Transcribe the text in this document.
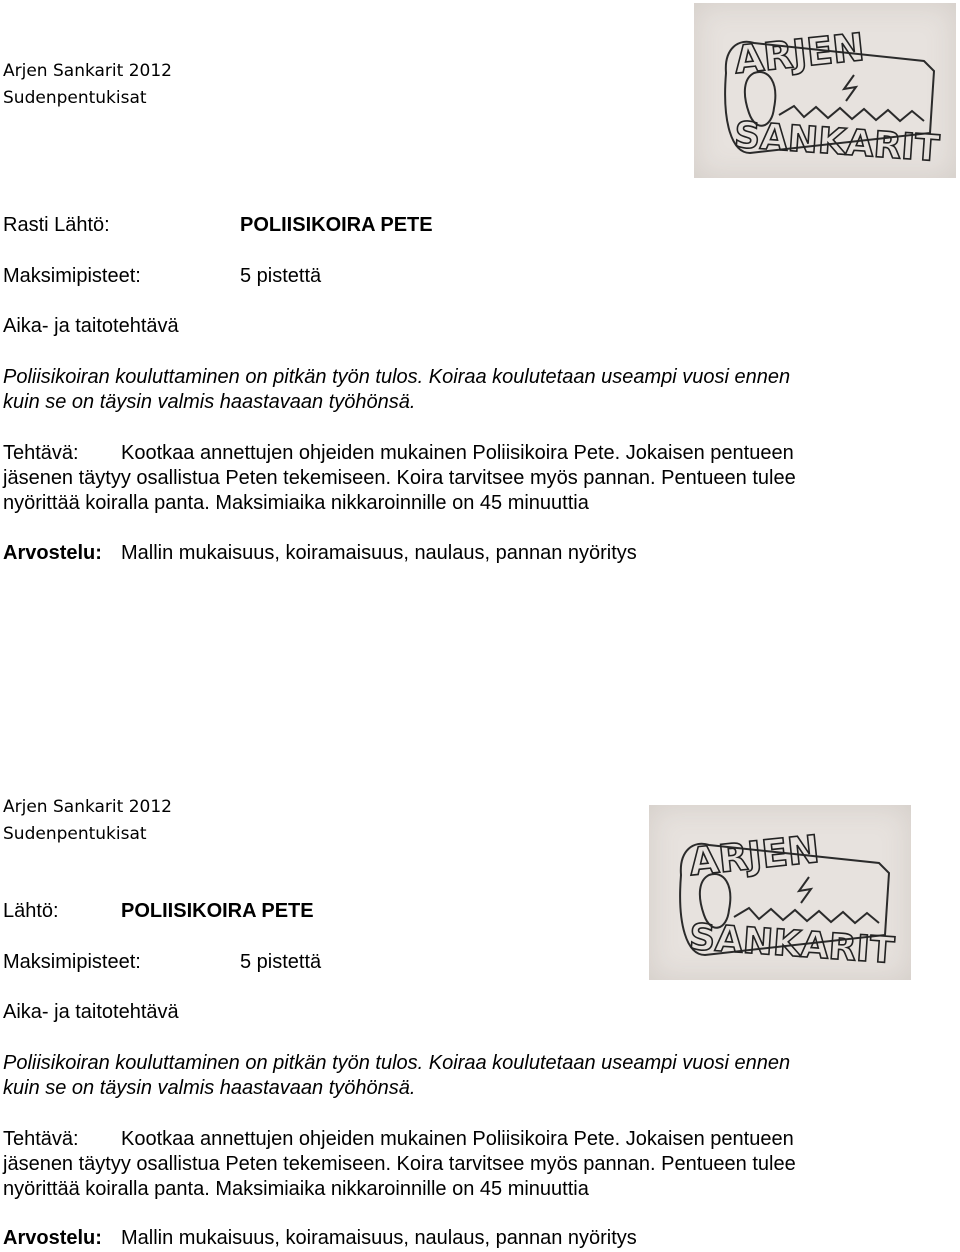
Arjen Sankarit 2012
Sudenpentukisat
ARJEN
SANKARIT
Rasti Lähtö:	POLIISIKOIRA PETE
Maksimipisteet:	5 pistettä
Aika- ja taitotehtävä
Poliisikoiran kouluttaminen on pitkän työn tulos. Koiraa koulutetaan useampi vuosi ennen
kuin se on täysin valmis haastavaan työhönsä.
Tehtävä: Kootkaa annettujen ohjeiden mukainen Poliisikoira Pete. Jokaisen pentueen
jäsenen täytyy osallistua Peten tekemiseen. Koira tarvitsee myös pannan. Pentueen tulee
nyörittää koiralla panta. Maksimiaika nikkaroinnille on 45 minuuttia
Arvostelu: Mallin mukaisuus, koiramaisuus, naulaus, pannan nyöritys
Arjen Sankarit 2012
Sudenpentukisat	ARJEN
SANKARIT
Lähtö:	POLIISIKOIRA PETE
Maksimipisteet:	5 pistettä
Aika- ja taitotehtävä
Poliisikoiran kouluttaminen on pitkän työn tulos. Koiraa koulutetaan useampi vuosi ennen
kuin se on täysin valmis haastavaan työhönsä.
Tehtävä: Kootkaa annettujen ohjeiden mukainen Poliisikoira Pete. Jokaisen pentueen
jäsenen täytyy osallistua Peten tekemiseen. Koira tarvitsee myös pannan. Pentueen tulee
nyörittää koiralla panta. Maksimiaika nikkaroinnille on 45 minuuttia
Arvostelu: Mallin mukaisuus, koiramaisuus, naulaus, pannan nyöritys
